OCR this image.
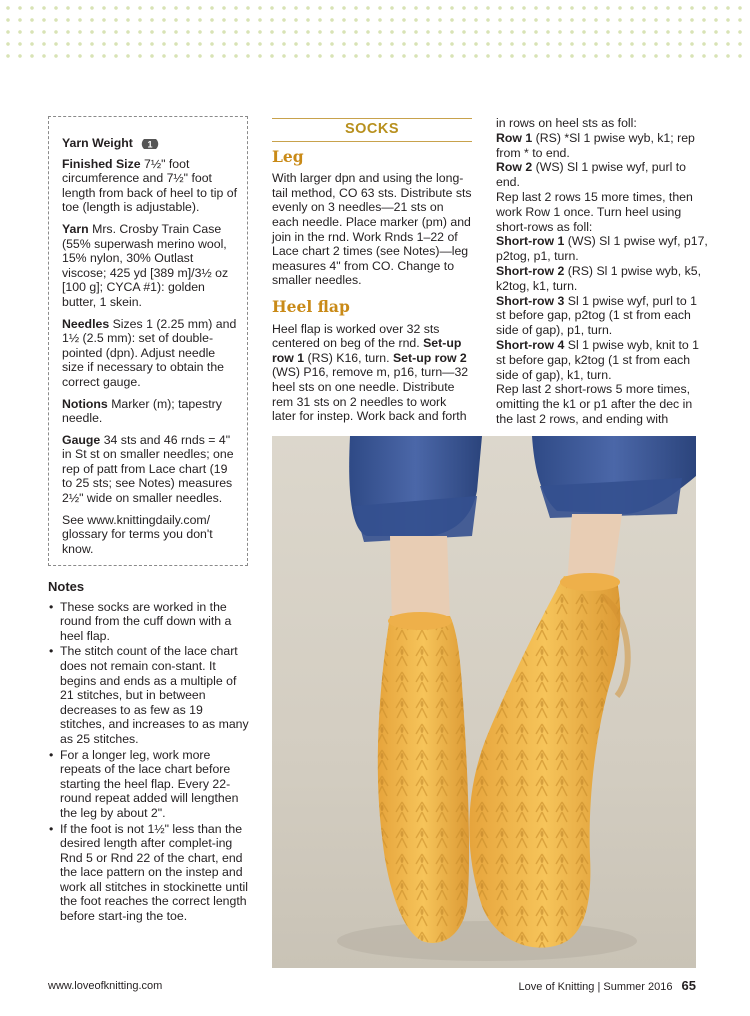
Yarn Weight 1

Finished Size 7½" foot circumference and 7½" foot length from back of heel to tip of toe (length is adjustable).

Yarn Mrs. Crosby Train Case (55% superwash merino wool, 15% nylon, 30% Outlast viscose; 425 yd [389 m]/3½ oz [100 g]; CYCA #1): golden butter, 1 skein.

Needles Sizes 1 (2.25 mm) and 1½ (2.5 mm): set of double-pointed (dpn). Adjust needle size if necessary to obtain the correct gauge.

Notions Marker (m); tapestry needle.

Gauge 34 sts and 46 rnds = 4" in St st on smaller needles; one rep of patt from Lace chart (19 to 25 sts; see Notes) measures 2½" wide on smaller needles.

See www.knittingdaily.com/ glossary for terms you don't know.

Notes
• These socks are worked in the round from the cuff down with a heel flap.
• The stitch count of the lace chart does not remain con-stant. It begins and ends as a multiple of 21 stitches, but in between decreases to as few as 19 stitches, and increases to as many as 25 stitches.
• For a longer leg, work more repeats of the lace chart before starting the heel flap. Every 22-round repeat added will lengthen the leg by about 2".
• If the foot is not 1½" less than the desired length after complet-ing Rnd 5 or Rnd 22 of the chart, end the lace pattern on the instep and work all stitches in stockinette until the foot reaches the correct length before start-ing the toe.
SOCKS
Leg

With larger dpn and using the long-tail method, CO 63 sts. Distribute sts evenly on 3 needles—21 sts on each needle. Place marker (pm) and join in the rnd. Work Rnds 1–22 of Lace chart 2 times (see Notes)—leg measures 4" from CO. Change to smaller needles.

Heel flap

Heel flap is worked over 32 sts centered on beg of the rnd. Set-up row 1 (RS) K16, turn. Set-up row 2 (WS) P16, remove m, p16, turn—32 heel sts on one needle. Distribute rem 31 sts on 2 needles to work later for instep. Work back and forth

in rows on heel sts as foll:

Row 1 (RS) *Sl 1 pwise wyb, k1; rep from * to end.

Row 2 (WS) Sl 1 pwise wyf, purl to end.

Rep last 2 rows 15 more times, then work Row 1 once. Turn heel using short-rows as foll:

Short-row 1 (WS) Sl 1 pwise wyf, p17, p2tog, p1, turn.

Short-row 2 (RS) Sl 1 pwise wyb, k5, k2tog, k1, turn.

Short-row 3 Sl 1 pwise wyf, purl to 1 st before gap, p2tog (1 st from each side of gap), p1, turn.

Short-row 4 Sl 1 pwise wyb, knit to 1 st before gap, k2tog (1 st from each side of gap), k1, turn.

Rep last 2 short-rows 5 more times, omitting the k1 or p1 after the dec in the last 2 rows, and ending with

www.loveofknitting.com	Love of Knitting | Summer 2016 65
